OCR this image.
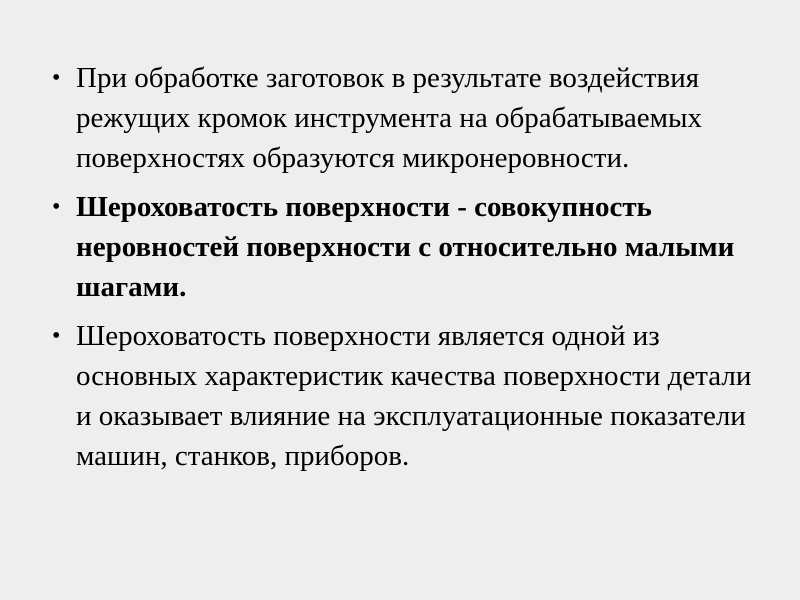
• При обработке заготовок в результате воздействия режущих кромок инструмента на обрабатываемых поверхностях образуются микронеровности.
• Шероховатость поверхности - совокупность неровностей поверхности с относительно малыми шагами.
• Шероховатость поверхности является одной из основных характеристик качества поверхности детали и оказывает влияние на эксплуатационные показатели машин, станков, приборов.
